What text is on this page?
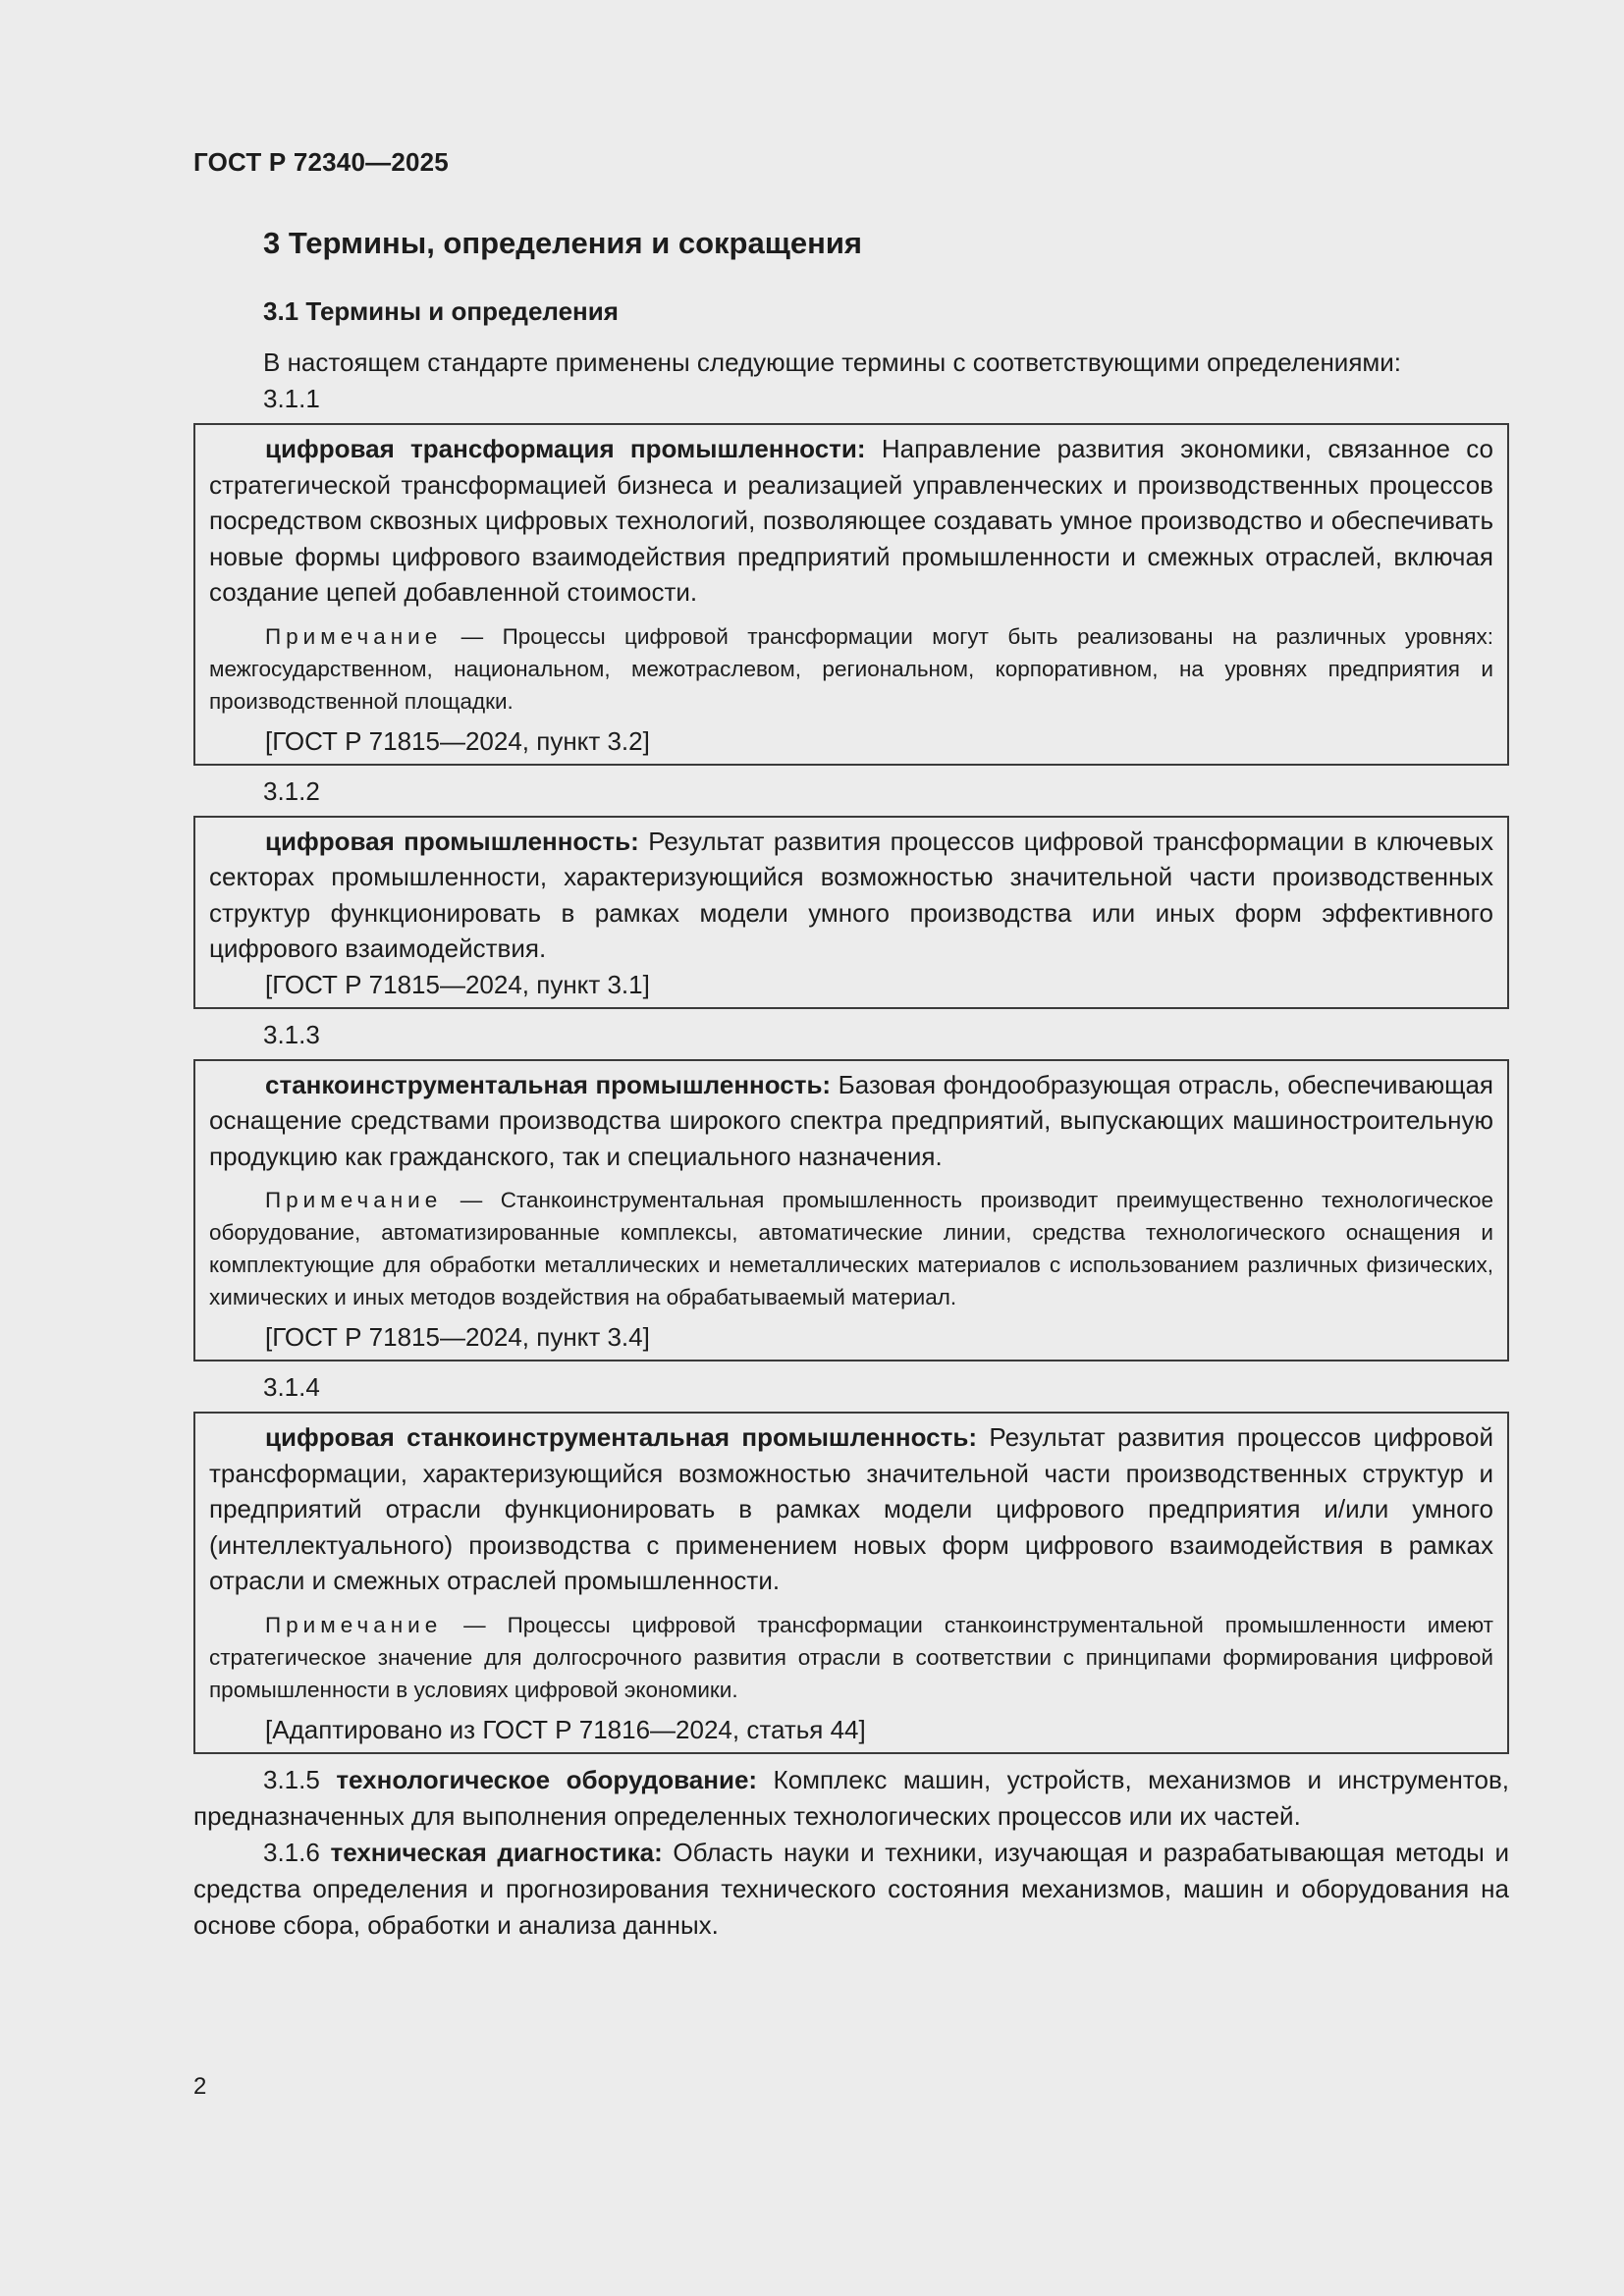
ГОСТ Р 72340—2025
3 Термины, определения и сокращения
3.1 Термины и определения
В настоящем стандарте применены следующие термины с соответствующими определениями:
3.1.1

цифровая трансформация промышленности: Направление развития экономики, связанное со стратегической трансформацией бизнеса и реализацией управленческих и производственных процессов посредством сквозных цифровых технологий, позволяющее создавать умное производство и обеспечивать новые формы цифрового взаимодействия предприятий промышленности и смежных отраслей, включая создание цепей добавленной стоимости.

Примечание — Процессы цифровой трансформации могут быть реализованы на различных уровнях: межгосударственном, национальном, межотраслевом, региональном, корпоративном, на уровнях предприятия и производственной площадки.

[ГОСТ Р 71815—2024, пункт 3.2]
3.1.2

цифровая промышленность: Результат развития процессов цифровой трансформации в ключевых секторах промышленности, характеризующийся возможностью значительной части производственных структур функционировать в рамках модели умного производства или иных форм эффективного цифрового взаимодействия.

[ГОСТ Р 71815—2024, пункт 3.1]
3.1.3

станкоинструментальная промышленность: Базовая фондообразующая отрасль, обеспечивающая оснащение средствами производства широкого спектра предприятий, выпускающих машиностроительную продукцию как гражданского, так и специального назначения.

Примечание — Станкоинструментальная промышленность производит преимущественно технологическое оборудование, автоматизированные комплексы, автоматические линии, средства технологического оснащения и комплектующие для обработки металлических и неметаллических материалов с использованием различных физических, химических и иных методов воздействия на обрабатываемый материал.

[ГОСТ Р 71815—2024, пункт 3.4]
3.1.4

цифровая станкоинструментальная промышленность: Результат развития процессов цифровой трансформации, характеризующийся возможностью значительной части производственных структур и предприятий отрасли функционировать в рамках модели цифрового предприятия и/или умного (интеллектуального) производства с применением новых форм цифрового взаимодействия в рамках отрасли и смежных отраслей промышленности.

Примечание — Процессы цифровой трансформации станкоинструментальной промышленности имеют стратегическое значение для долгосрочного развития отрасли в соответствии с принципами формирования цифровой промышленности в условиях цифровой экономики.

[Адаптировано из ГОСТ Р 71816—2024, статья 44]

3.1.5 технологическое оборудование: Комплекс машин, устройств, механизмов и инструментов, предназначенных для выполнения определенных технологических процессов или их частей.

3.1.6 техническая диагностика: Область науки и техники, изучающая и разрабатывающая методы и средства определения и прогнозирования технического состояния механизмов, машин и оборудования на основе сбора, обработки и анализа данных.

2
